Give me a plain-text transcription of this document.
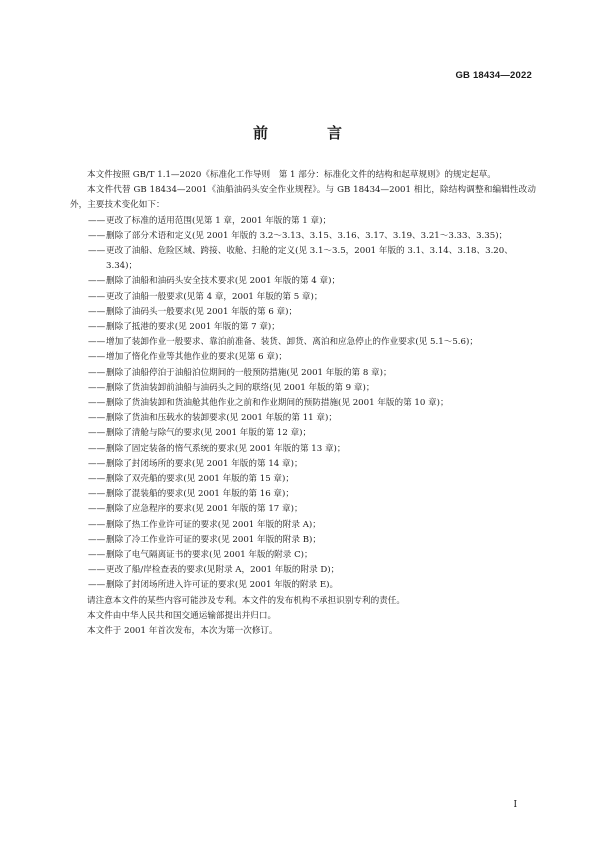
GB 18434—2022
前　言

本文件按照 GB/T 1.1—2020《标准化工作导则　第 1 部分：标准化文件的结构和起草规则》的规定起草。

本文件代替 GB 18434—2001《油船油码头安全作业规程》。与 GB 18434—2001 相比，除结构调整和编辑性改动外，主要技术变化如下：

—— 更改了标准的适用范围(见第 1 章，2001 年版的第 1 章)；
—— 删除了部分术语和定义(见 2001 年版的 3.2～3.13、3.15、3.16、3.17、3.19、3.21～3.33、3.35)；
—— 更改了油船、危险区域、跨接、收舱、扫舱的定义(见 3.1～3.5，2001 年版的 3.1、3.14、3.18、3.20、3.34)；
—— 删除了油船和油码头安全技术要求(见 2001 年版的第 4 章)；
—— 更改了油船一般要求(见第 4 章，2001 年版的第 5 章)；
—— 删除了油码头一般要求(见 2001 年版的第 6 章)；
—— 删除了抵港的要求(见 2001 年版的第 7 章)；
—— 增加了装卸作业一般要求、靠泊前准备、装货、卸货、离泊和应急停止的作业要求(见 5.1～5.6)；
—— 增加了惰化作业等其他作业的要求(见第 6 章)；
—— 删除了油船停泊于油船泊位期间的一般预防措施(见 2001 年版的第 8 章)；
—— 删除了货油装卸前油船与油码头之间的联络(见 2001 年版的第 9 章)；
—— 删除了货油装卸和货油舱其他作业之前和作业期间的预防措施(见 2001 年版的第 10 章)；
—— 删除了货油和压载水的装卸要求(见 2001 年版的第 11 章)；
—— 删除了清舱与除气的要求(见 2001 年版的第 12 章)；
—— 删除了固定装备的惰气系统的要求(见 2001 年版的第 13 章)；
—— 删除了封闭场所的要求(见 2001 年版的第 14 章)；
—— 删除了双壳船的要求(见 2001 年版的第 15 章)；
—— 删除了混装船的要求(见 2001 年版的第 16 章)；
—— 删除了应急程序的要求(见 2001 年版的第 17 章)；
—— 删除了热工作业许可证的要求(见 2001 年版的附录 A)；
—— 删除了冷工作业许可证的要求(见 2001 年版的附录 B)；
—— 删除了电气隔离证书的要求(见 2001 年版的附录 C)；
—— 更改了船/岸检查表的要求(见附录 A，2001 年版的附录 D)；
—— 删除了封闭场所进入许可证的要求(见 2001 年版的附录 E)。

请注意本文件的某些内容可能涉及专利。本文件的发布机构不承担识别专利的责任。

本文件由中华人民共和国交通运输部提出并归口。

本文件于 2001 年首次发布，本次为第一次修订。

Ⅰ
